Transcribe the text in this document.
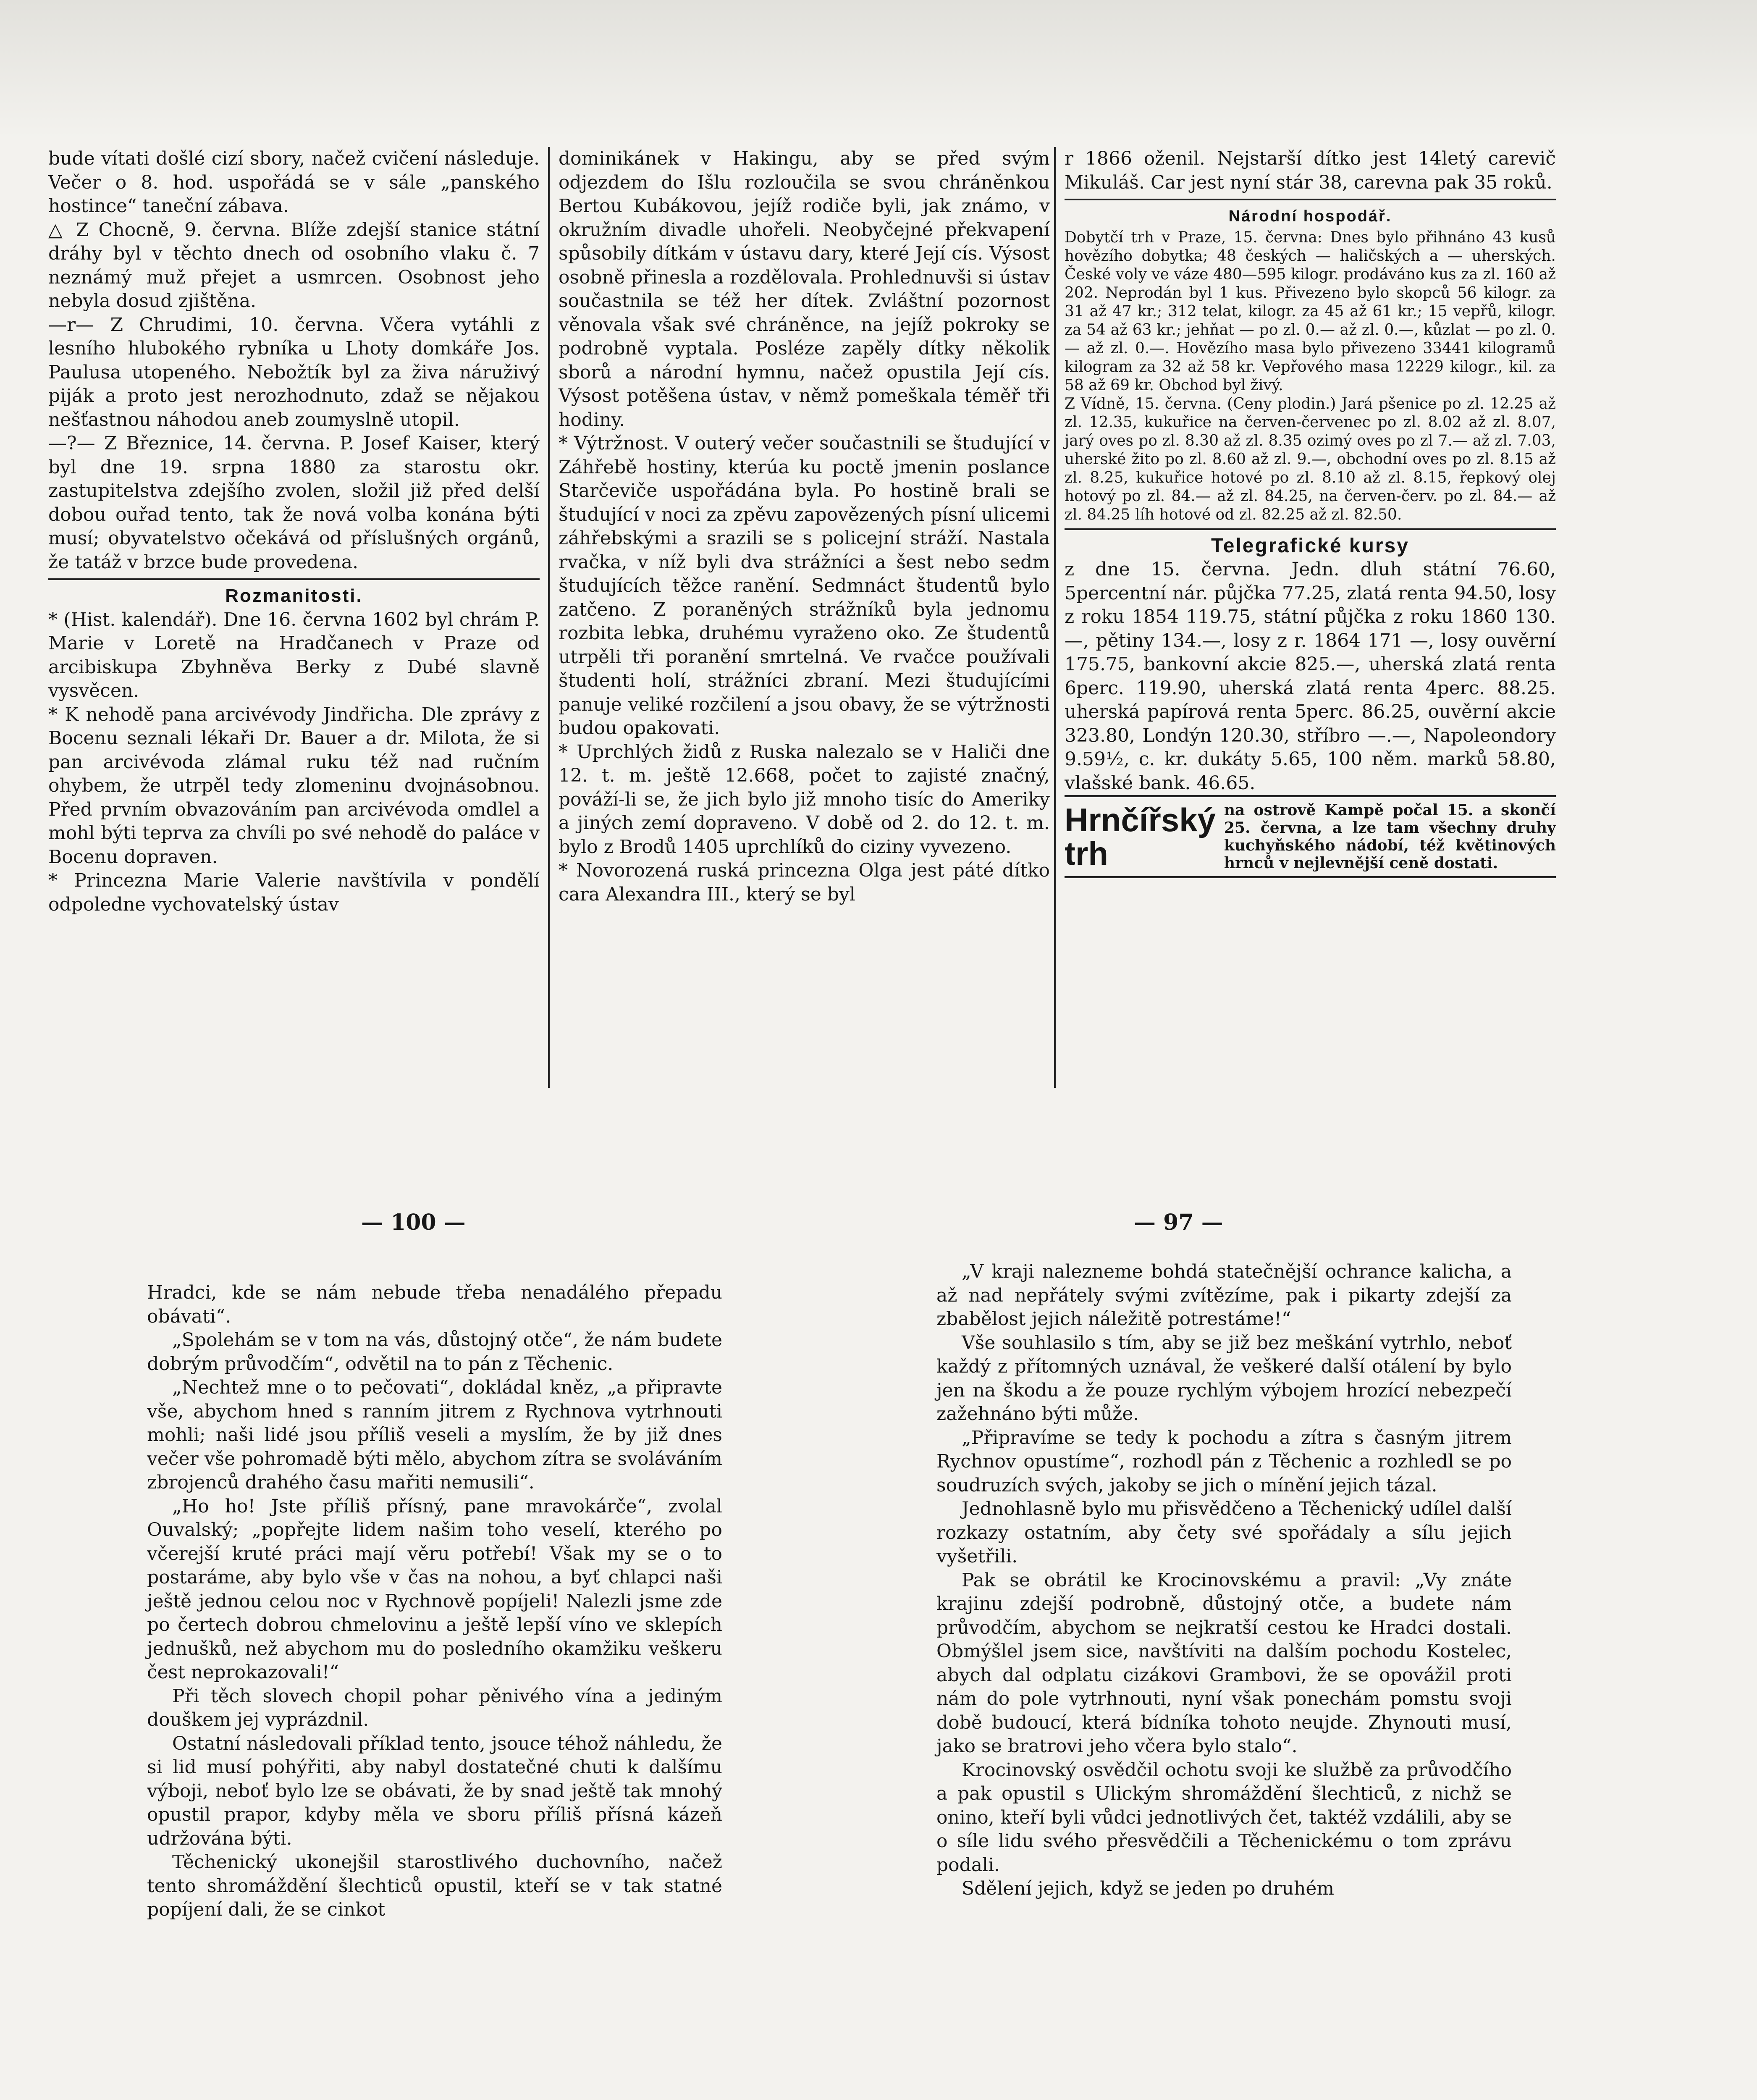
bude vítati došlé cizí sbory, načež cvičení následuje. Večer o 8. hod. uspořádá se v sále „panského hostince“ taneční zábava.

△ Z Chocně, 9. června. Blíže zdejší stanice státní dráhy byl v těchto dnech od osobního vlaku č. 7 neznámý muž přejet a usmrcen. Osobnost jeho nebyla dosud zjištěna.

—r— Z Chrudimi, 10. června. Včera vytáhli z lesního hlubokého rybníka u Lhoty domkáře Jos. Paulusa utopeného. Nebožtík byl za živa náruživý piják a proto jest nerozhodnuto, zdaž se nějakou nešťastnou náhodou aneb zoumyslně utopil.

—?— Z Březnice, 14. června. P. Josef Kaiser, který byl dne 19. srpna 1880 za starostu okr. zastupitelstva zdejšího zvolen, složil již před delší dobou ouřad tento, tak že nová volba konána býti musí; obyvatelstvo očekává od příslušných orgánů, že tatáž v brzce bude provedena.

Rozmanitosti.

* (Hist. kalendář). Dne 16. června 1602 byl chrám P. Marie v Loretě na Hradčanech v Praze od arcibiskupa Zbyhněva Berky z Dubé slavně vysvěcen.

* K nehodě pana arcivévody Jindřicha. Dle zprávy z Bocenu seznali lékaři Dr. Bauer a dr. Milota, že si pan arcivévoda zlámal ruku též nad ručním ohybem, že utrpěl tedy zlomeninu dvojnásobnou. Před prvním obvazováním pan arcivévoda omdlel a mohl býti teprva za chvíli po své nehodě do paláce v Bocenu dopraven.

* Princezna Marie Valerie navštívila v pondělí odpoledne vychovatelský ústav

dominikánek v Hakingu, aby se před svým odjezdem do Išlu rozloučila se svou chráněnkou Bertou Kubákovou, jejíž rodiče byli, jak známo, v okružním divadle uhořeli. Neobyčejné překvapení spůsobily dítkám v ústavu dary, které Její cís. Výsost osobně přinesla a rozdělovala. Prohlednuvši si ústav součastnila se též her dítek. Zvláštní pozornost věnovala však své chráněnce, na jejíž pokroky se podrobně vyptala. Posléze zapěly dítky několik sborů a národní hymnu, načež opustila Její cís. Výsost potěšena ústav, v němž pomeškala téměř tři hodiny.

* Výtržnost. V outerý večer součastnili se študující v Záhřebě hostiny, kterúa ku poctě jmenin poslance Starčeviče uspořádána byla. Po hostině brali se študující v noci za zpěvu zapovězených písní ulicemi záhřebskými a srazili se s policejní stráží. Nastala rvačka, v níž byli dva strážníci a šest nebo sedm študujících těžce ranění. Sedmnáct študentů bylo zatčeno. Z poraněných strážníků byla jednomu rozbita lebka, druhému vyraženo oko. Ze študentů utrpěli tři poranění smrtelná. Ve rvačce používali študenti holí, strážníci zbraní. Mezi študujícími panuje veliké rozčilení a jsou obavy, že se výtržnosti budou opakovati.

* Uprchlých židů z Ruska nalezalo se v Haliči dne 12. t. m. ještě 12.668, počet to zajisté značný, pováží-li se, že jich bylo již mnoho tisíc do Ameriky a jiných zemí dopraveno. V době od 2. do 12. t. m. bylo z Brodů 1405 uprchlíků do ciziny vyvezeno.

* Novorozená ruská princezna Olga jest páté dítko cara Alexandra III., který se byl

r 1866 oženil. Nejstarší dítko jest 14letý carevič Mikuláš. Car jest nyní stár 38, carevna pak 35 roků.

Národní hospodář.

Dobytčí trh v Praze, 15. června: Dnes bylo přihnáno 43 kusů hovězího dobytka; 48 českých — haličských a — uherských. České voly ve váze 480—595 kilogr. prodáváno kus za zl. 160 až 202. Neprodán byl 1 kus. Přivezeno bylo skopců 56 kilogr. za 31 až 47 kr.; 312 telat, kilogr. za 45 až 61 kr.; 15 vepřů, kilogr. za 54 až 63 kr.; jehňat — po zl. 0.— až zl. 0.—, kůzlat — po zl. 0.— až zl. 0.—. Hovězího masa bylo přivezeno 33441 kilogramů kilogram za 32 až 58 kr. Vepřového masa 12229 kilogr., kil. za 58 až 69 kr. Obchod byl živý.

Z Vídně, 15. června. (Ceny plodin.) Jará pšenice po zl. 12.25 až zl. 12.35, kukuřice na červen-červenec po zl. 8.02 až zl. 8.07, jarý oves po zl. 8.30 až zl. 8.35 ozimý oves po zl 7.— až zl. 7.03, uherské žito po zl. 8.60 až zl. 9.—, obchodní oves po zl. 8.15 až zl. 8.25, kukuřice hotové po zl. 8.10 až zl. 8.15, řepkový olej hotový po zl. 84.— až zl. 84.25, na červen-červ. po zl. 84.— až zl. 84.25 líh hotové od zl. 82.25 až zl. 82.50.

Telegrafické kursy

z dne 15. června. Jedn. dluh státní 76.60, 5percentní nár. půjčka 77.25, zlatá renta 94.50, losy z roku 1854 119.75, státní půjčka z roku 1860 130.—, pětiny 134.—, losy z r. 1864 171 —, losy ouvěrní 175.75, bankovní akcie 825.—, uherská zlatá renta 6perc. 119.90, uherská zlatá renta 4perc. 88.25. uherská papírová renta 5perc. 86.25, ouvěrní akcie 323.80, Londýn 120.30, stříbro —.—, Napoleondory 9.59½, c. kr. dukáty 5.65, 100 něm. marků 58.80, vlašské bank. 46.65.

Hrnčířský trh
na ostrově Kampě počal 15. a skončí 25. června, a lze tam všechny druhy kuchyňského nádobí, též květinových hrnců v nejlevnější ceně dostati.
— 100 —	— 97 —

Hradci, kde se nám nebude třeba nenadálého přepadu obávati“.

„Spolehám se v tom na vás, důstojný otče“, že nám budete dobrým průvodčím“, odvětil na to pán z Těchenic.

„Nechtež mne o to pečovati“, dokládal kněz, „a připravte vše, abychom hned s ranním jitrem z Rychnova vytrhnouti mohli; naši lidé jsou příliš veseli a myslím, že by již dnes večer vše pohromadě býti mělo, abychom zítra se svoláváním zbrojenců drahého času mařiti nemusili“.

„Ho ho! Jste příliš přísný, pane mravokárče“, zvolal Ouvalský; „popřejte lidem našim toho veselí, kterého po včerejší kruté práci mají věru potřebí! Však my se o to postaráme, aby bylo vše v čas na nohou, a byť chlapci naši ještě jednou celou noc v Rychnově popíjeli! Nalezli jsme zde po čertech dobrou chmelovinu a ještě lepší víno ve sklepích jednušků, než abychom mu do posledního okamžiku veškeru čest neprokazovali!“

Při těch slovech chopil pohar pěnivého vína a jediným douškem jej vyprázdnil.

Ostatní následovali příklad tento, jsouce téhož náhledu, že si lid musí pohýřiti, aby nabyl dostatečné chuti k dalšímu výboji, neboť bylo lze se obávati, že by snad ještě tak mnohý opustil prapor, kdyby měla ve sboru příliš přísná kázeň udržována býti.

Těchenický ukonejšil starostlivého duchovního, načež tento shromáždění šlechticů opustil, kteří se v tak statné popíjení dali, že se cinkot

„V kraji nalezneme bohdá statečnější ochrance kalicha, a až nad nepřátely svými zvítězíme, pak i pikarty zdejší za zbabělost jejich náležitě potrestáme!“

Vše souhlasilo s tím, aby se již bez meškání vytrhlo, neboť každý z přítomných uznával, že veškeré další otálení by bylo jen na škodu a že pouze rychlým výbojem hrozící nebezpečí zažehnáno býti může.

„Připravíme se tedy k pochodu a zítra s časným jitrem Rychnov opustíme“, rozhodl pán z Těchenic a rozhledl se po soudruzích svých, jakoby se jich o mínění jejich tázal.

Jednohlasně bylo mu přisvědčeno a Těchenický udílel další rozkazy ostatním, aby čety své spořádaly a sílu jejich vyšetřili.

Pak se obrátil ke Krocinovskému a pravil: „Vy znáte krajinu zdejší podrobně, důstojný otče, a budete nám průvodčím, abychom se nejkratší cestou ke Hradci dostali. Obmýšlel jsem sice, navštíviti na dalším pochodu Kostelec, abych dal odplatu cizákovi Grambovi, že se opovážil proti nám do pole vytrhnouti, nyní však ponechám pomstu svoji době budoucí, která bídníka tohoto neujde. Zhynouti musí, jako se bratrovi jeho včera bylo stalo“.

Krocinovský osvědčil ochotu svoji ke službě za průvodčího a pak opustil s Ulickým shromáždění šlechticů, z nichž se onino, kteří byli vůdci jednotlivých čet, taktéž vzdálili, aby se o síle lidu svého přesvědčili a Těchenickému o tom zprávu podali.

Sdělení jejich, když se jeden po druhém
